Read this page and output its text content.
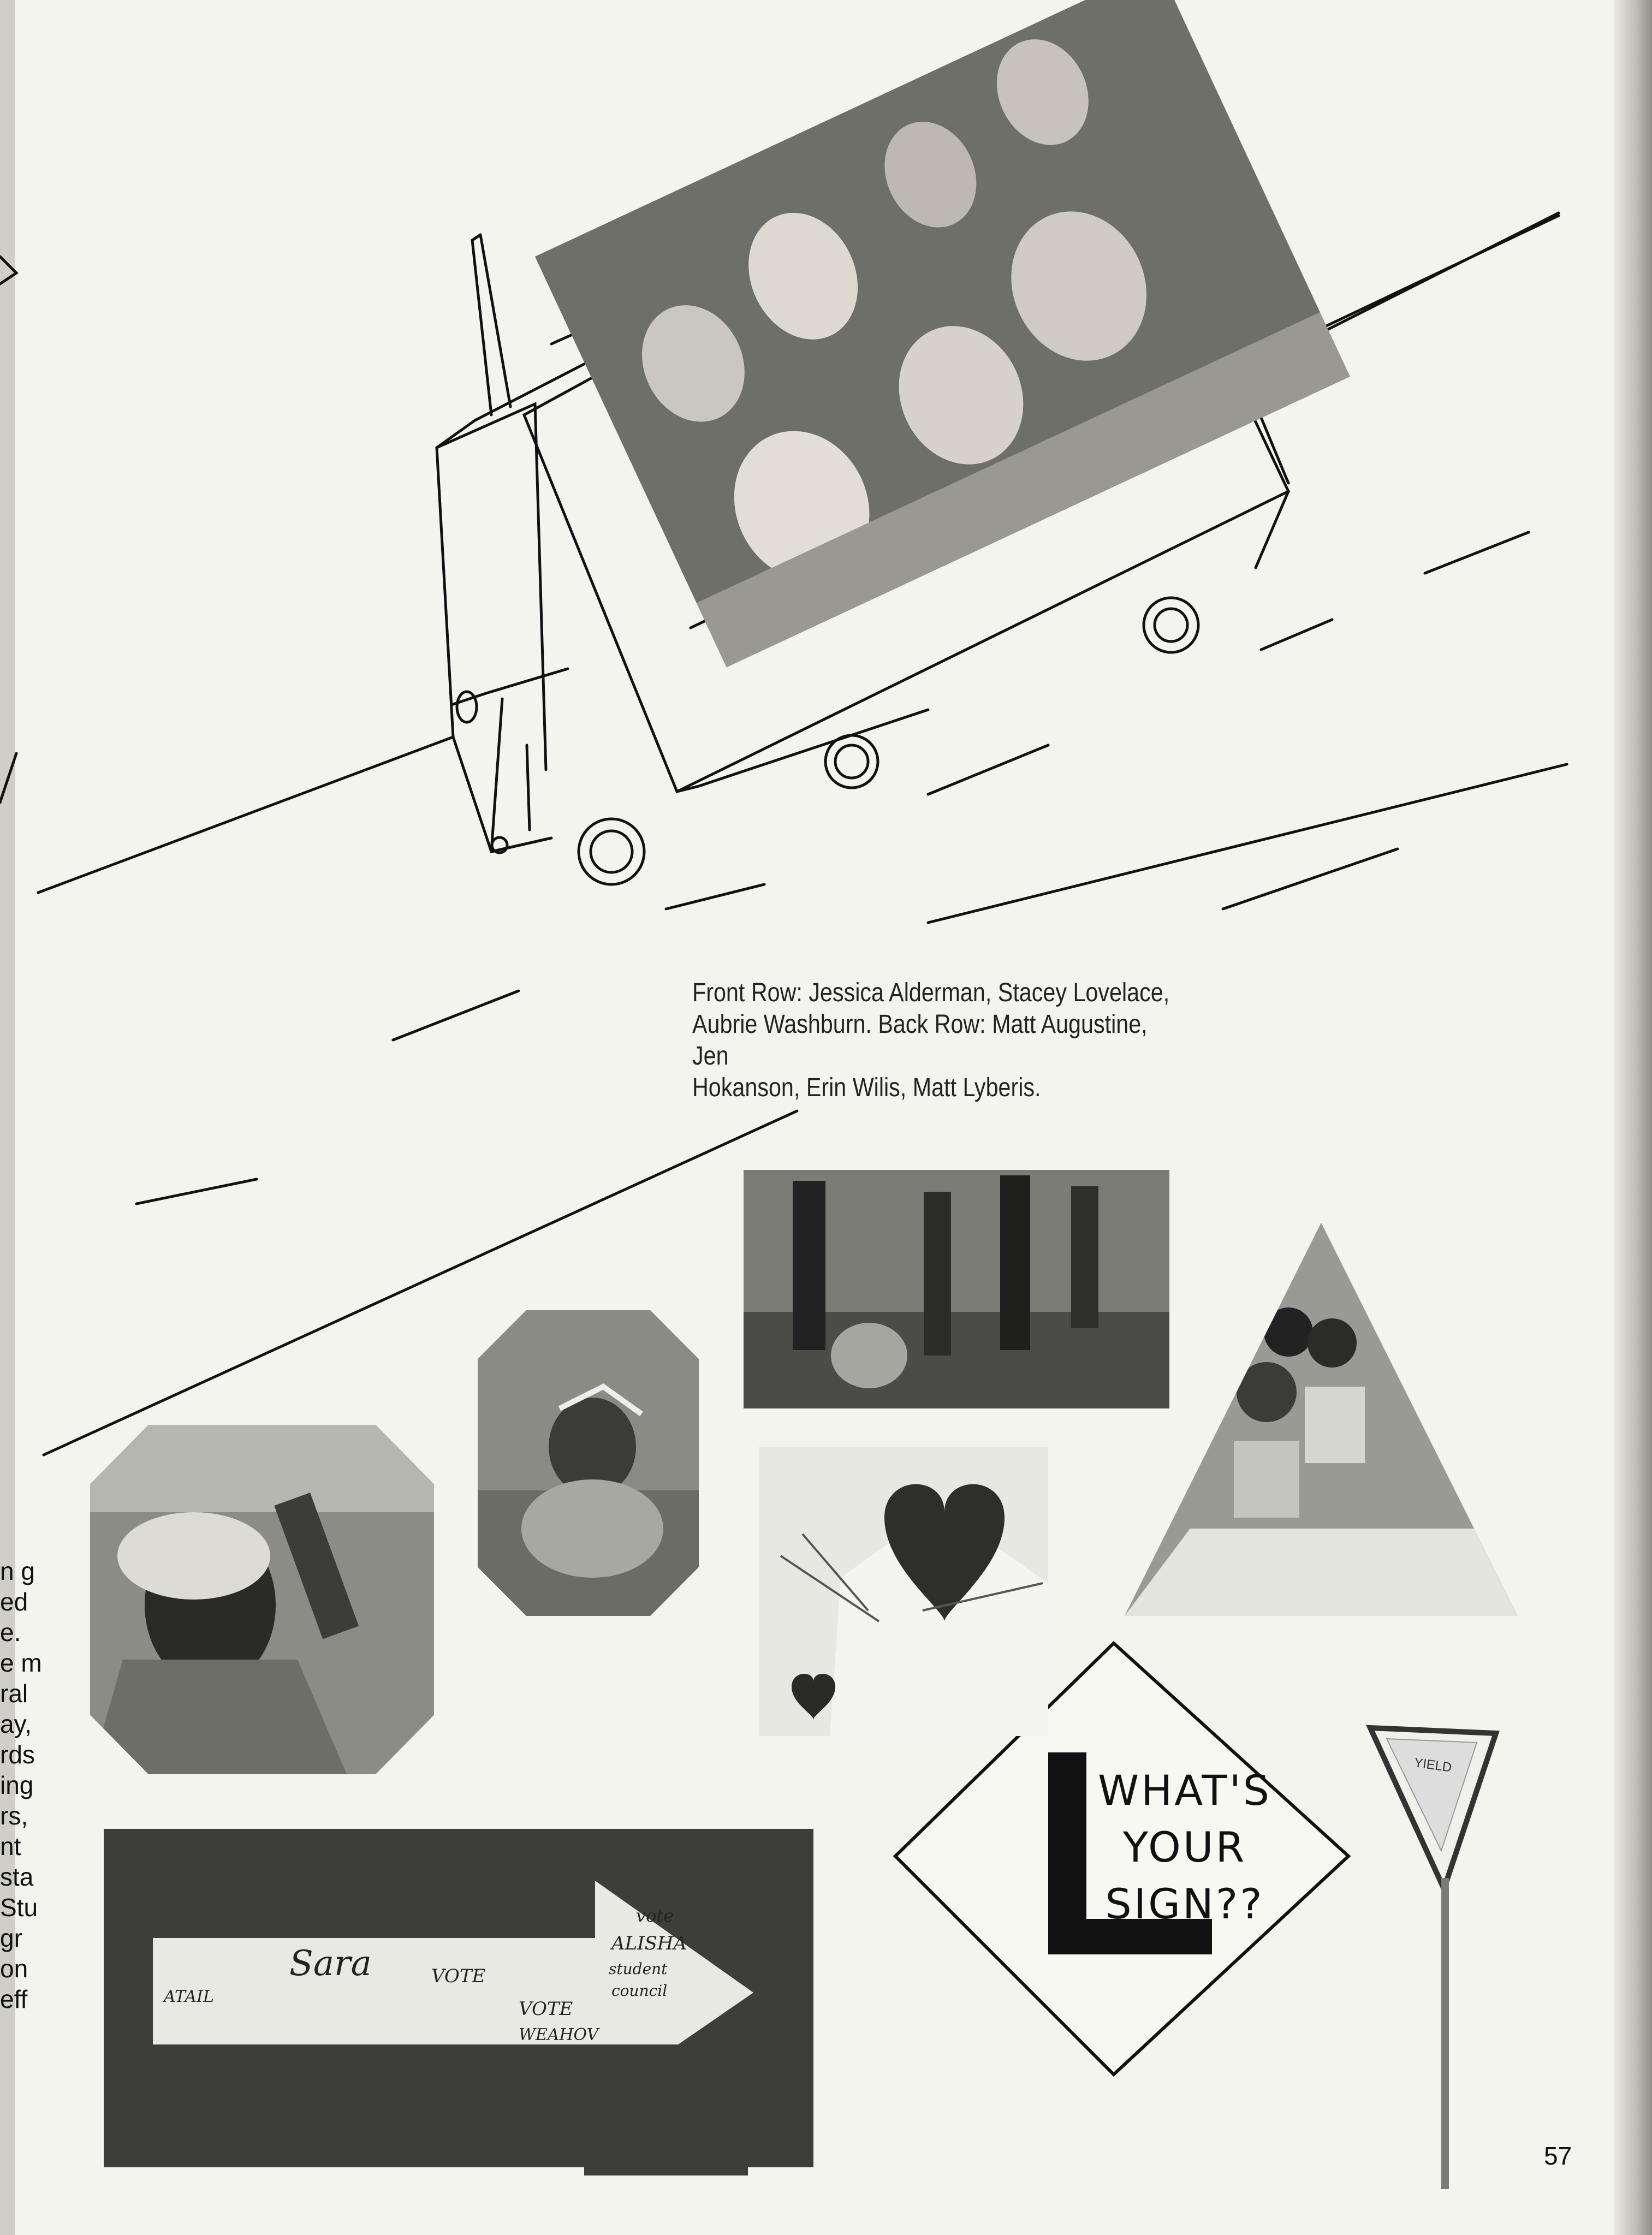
n g
ed
e.
e m
ral
ay,
rds
ing
rs,
nt
sta
Stu
gr
on
eff
Front Row: Jessica Alderman, Stacey Lovelace,
Aubrie Washburn. Back Row: Matt Augustine, Jen
Hokanson, Erin Wilis, Matt Lyberis.
Sara	VOTE
VOTE
vote
ALISHA
student
council
WEAHOV
ATAIL
WHAT'S
YOUR
SIGN??
YIELD
57
